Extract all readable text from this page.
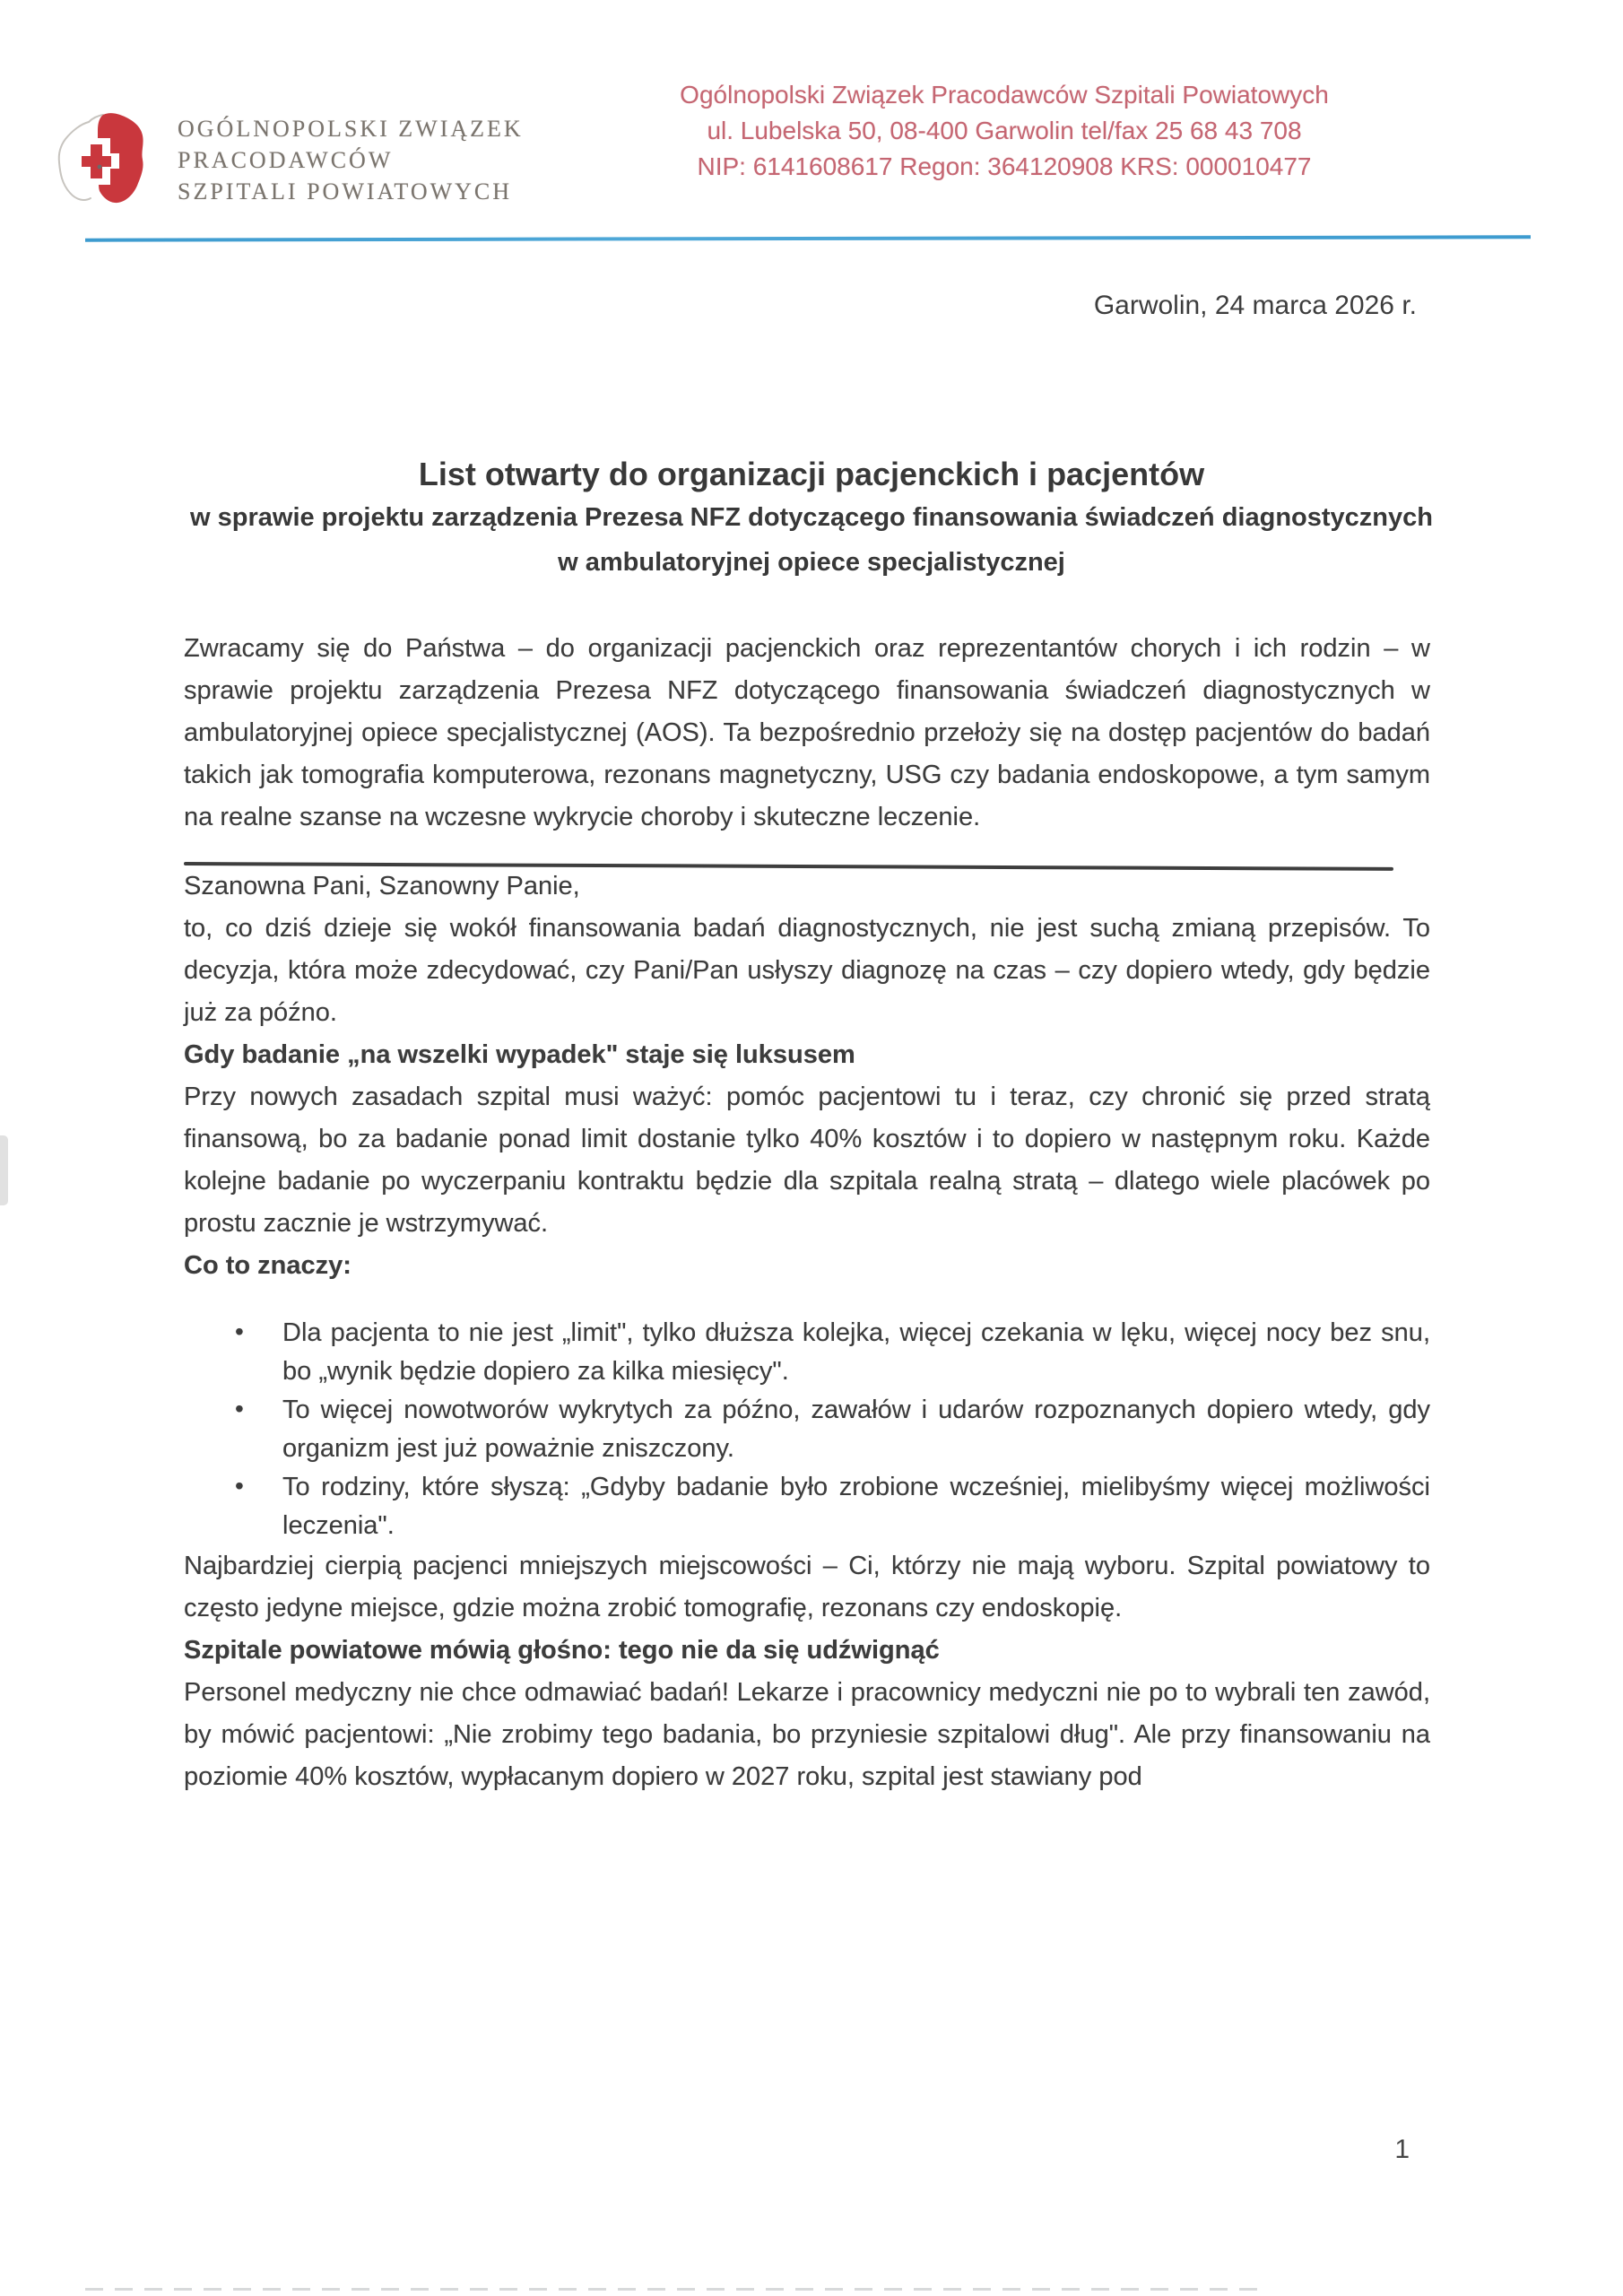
OGÓLNOPOLSKI ZWIĄZEK
PRACODAWCÓW
SZPITALI POWIATOWYCH
Ogólnopolski Związek Pracodawców Szpitali Powiatowych
ul. Lubelska 50, 08-400 Garwolin tel/fax 25 68 43 708
NIP: 6141608617 Regon: 364120908 KRS: 000010477
Garwolin, 24 marca 2026 r.
List otwarty do organizacji pacjenckich i pacjentów
w sprawie projektu zarządzenia Prezesa NFZ dotyczącego finansowania świadczeń diagnostycznych
w ambulatoryjnej opiece specjalistycznej

Zwracamy się do Państwa – do organizacji pacjenckich oraz reprezentantów chorych i ich rodzin – w sprawie projektu zarządzenia Prezesa NFZ dotyczącego finansowania świadczeń diagnostycznych w ambulatoryjnej opiece specjalistycznej (AOS). Ta bezpośrednio przełoży się na dostęp pacjentów do badań takich jak tomografia komputerowa, rezonans magnetyczny, USG czy badania endoskopowe, a tym samym na realne szanse na wczesne wykrycie choroby i skuteczne leczenie.

Szanowna Pani, Szanowny Panie,

to, co dziś dzieje się wokół finansowania badań diagnostycznych, nie jest suchą zmianą przepisów. To decyzja, która może zdecydować, czy Pani/Pan usłyszy diagnozę na czas – czy dopiero wtedy, gdy będzie już za późno.

Gdy badanie „na wszelki wypadek" staje się luksusem

Przy nowych zasadach szpital musi ważyć: pomóc pacjentowi tu i teraz, czy chronić się przed stratą finansową, bo za badanie ponad limit dostanie tylko 40% kosztów i to dopiero w następnym roku. Każde kolejne badanie po wyczerpaniu kontraktu będzie dla szpitala realną stratą – dlatego wiele placówek po prostu zacznie je wstrzymywać.

Co to znaczy:

• Dla pacjenta to nie jest „limit", tylko dłuższa kolejka, więcej czekania w lęku, więcej nocy bez snu, bo „wynik będzie dopiero za kilka miesięcy".
• To więcej nowotworów wykrytych za późno, zawałów i udarów rozpoznanych dopiero wtedy, gdy organizm jest już poważnie zniszczony.
• To rodziny, które słyszą: „Gdyby badanie było zrobione wcześniej, mielibyśmy więcej możliwości leczenia".

Najbardziej cierpią pacjenci mniejszych miejscowości – Ci, którzy nie mają wyboru. Szpital powiatowy to często jedyne miejsce, gdzie można zrobić tomografię, rezonans czy endoskopię.

Szpitale powiatowe mówią głośno: tego nie da się udźwignąć

Personel medyczny nie chce odmawiać badań! Lekarze i pracownicy medyczni nie po to wybrali ten zawód, by mówić pacjentowi: „Nie zrobimy tego badania, bo przyniesie szpitalowi dług". Ale przy finansowaniu na poziomie 40% kosztów, wypłacanym dopiero w 2027 roku, szpital jest stawiany pod

1
